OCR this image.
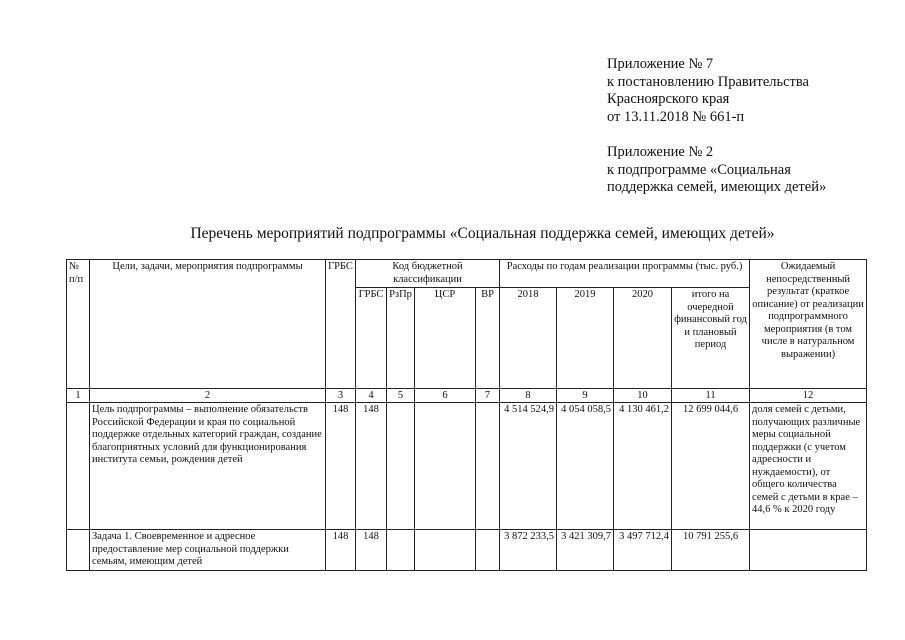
Приложение № 7
к постановлению Правительства
Красноярского края
от 13.11.2018 № 661-п
Приложение № 2
к подпрограмме «Социальная
поддержка семей, имеющих детей»
Перечень мероприятий подпрограммы «Социальная поддержка семей, имеющих детей»
№ п/п	Цели, задачи, мероприятия подпрограммы	ГРБС	Код бюджетной классификации				Расходы по годам реализации программы (тыс. руб.)				Ожидаемый непосредственный результат (краткое описание) от реализации подпрограммного мероприятия (в том числе в натуральном выражении)
			ГРБС	РзПр	ЦСР	ВР	2018	2019	2020	итого на очередной финансовый год и плановый период	
1	2	3	4	5	6	7	8	9	10	11	12
	Цель подпрограммы – выполнение обязательств Российской Федерации и края по социальной поддержке отдельных категорий граждан, создание благоприятных условий для функционирования института семьи, рождения детей	148	148				4 514 524,9	4 054 058,5	4 130 461,2	12 699 044,6	доля семей с детьми, получающих различные меры социальной поддержки (с учетом адресности и нуждаемости), от общего количества семей с детьми в крае – 44,6 % к 2020 году
	Задача 1. Своевременное и адресное предоставление мер социальной поддержки семьям, имеющим детей	148	148				3 872 233,5	3 421 309,7	3 497 712,4	10 791 255,6	
